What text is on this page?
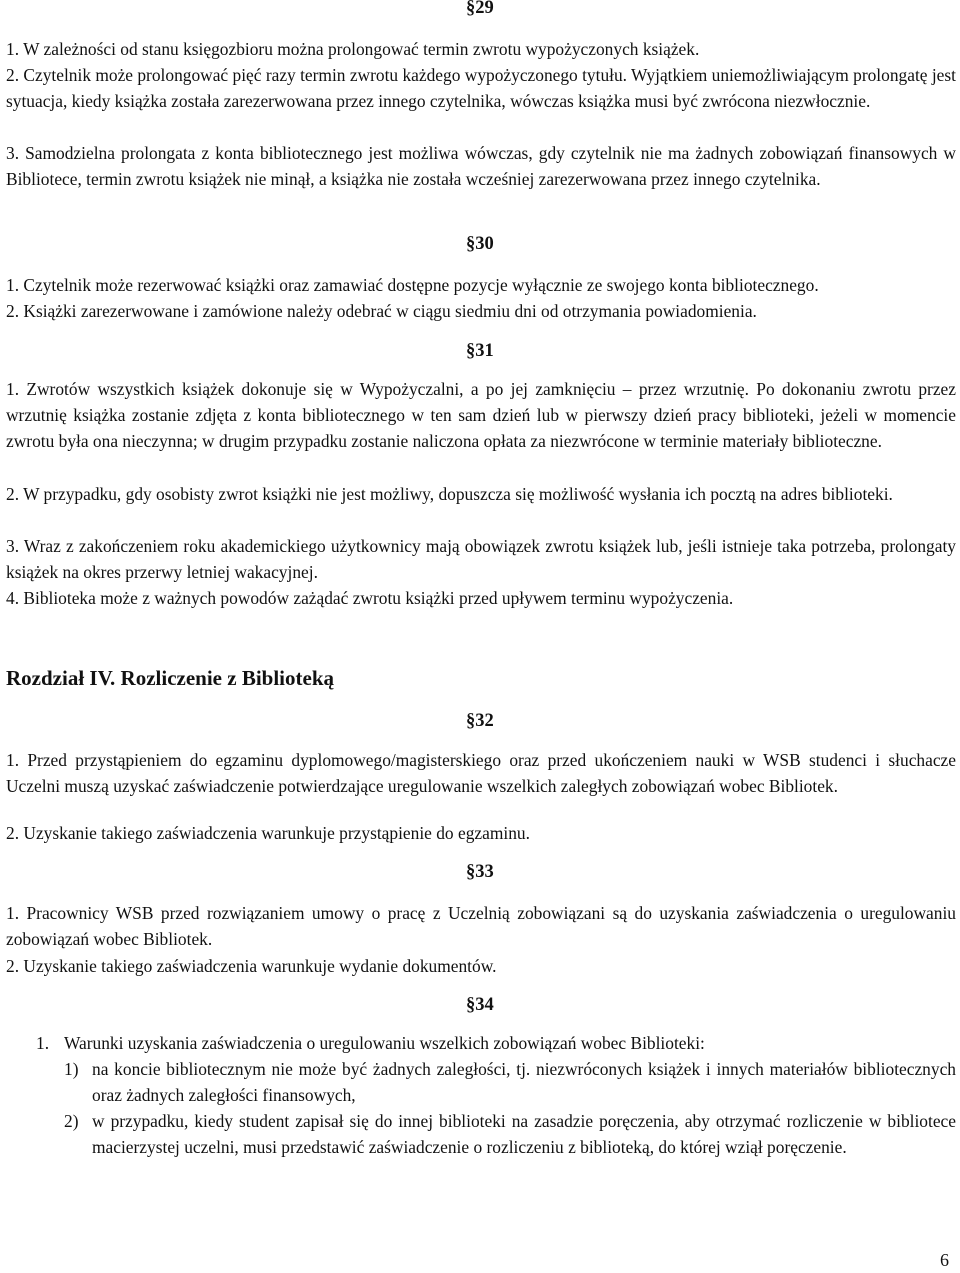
§29

1. W zależności od stanu księgozbioru można prolongować termin zwrotu wypożyczonych książek.

2. Czytelnik może prolongować pięć razy termin zwrotu każdego wypożyczonego tytułu. Wyjątkiem uniemożliwiającym prolongatę jest sytuacja, kiedy książka została zarezerwowana przez innego czytelnika, wówczas książka musi być zwrócona niezwłocznie.

3. Samodzielna prolongata z konta bibliotecznego jest możliwa wówczas, gdy czytelnik nie ma żadnych zobowiązań finansowych w Bibliotece, termin zwrotu książek nie minął, a książka nie została wcześniej zarezerwowana przez innego czytelnika.

§30

1. Czytelnik może rezerwować książki oraz zamawiać dostępne pozycje wyłącznie ze swojego konta bibliotecznego.

2. Książki zarezerwowane i zamówione należy odebrać w ciągu siedmiu dni od otrzymania powiadomienia.

§31

1. Zwrotów wszystkich książek dokonuje się w Wypożyczalni, a po jej zamknięciu – przez wrzutnię. Po dokonaniu zwrotu przez wrzutnię książka zostanie zdjęta z konta bibliotecznego w ten sam dzień lub w pierwszy dzień pracy biblioteki, jeżeli w momencie zwrotu była ona nieczynna; w drugim przypadku zostanie naliczona opłata za niezwrócone w terminie materiały biblioteczne.

2. W przypadku, gdy osobisty zwrot książki nie jest możliwy, dopuszcza się możliwość wysłania ich pocztą na adres biblioteki.

3. Wraz z zakończeniem roku akademickiego użytkownicy mają obowiązek zwrotu książek lub, jeśli istnieje taka potrzeba, prolongaty książek na okres przerwy letniej wakacyjnej.

4. Biblioteka może z ważnych powodów zażądać zwrotu książki przed upływem terminu wypożyczenia.

Rozdział IV. Rozliczenie z Biblioteką

§32

1. Przed przystąpieniem do egzaminu dyplomowego/magisterskiego oraz przed ukończeniem nauki w WSB studenci i słuchacze Uczelni muszą uzyskać zaświadczenie potwierdzające uregulowanie wszelkich zaległych zobowiązań wobec Bibliotek.

2. Uzyskanie takiego zaświadczenia warunkuje przystąpienie do egzaminu.

§33

1. Pracownicy WSB przed rozwiązaniem umowy o pracę z Uczelnią zobowiązani są do uzyskania zaświadczenia o uregulowaniu zobowiązań wobec Bibliotek.

2. Uzyskanie takiego zaświadczenia warunkuje wydanie dokumentów.

§34

1. Warunki uzyskania zaświadczenia o uregulowaniu wszelkich zobowiązań wobec Biblioteki:
1) na koncie bibliotecznym nie może być żadnych zaległości, tj. niezwróconych książek i innych materiałów bibliotecznych oraz żadnych zaległości finansowych,
2) w przypadku, kiedy student zapisał się do innej biblioteki na zasadzie poręczenia, aby otrzymać rozliczenie w bibliotece macierzystej uczelni, musi przedstawić zaświadczenie o rozliczeniu z biblioteką, do której wziął poręczenie.
6
